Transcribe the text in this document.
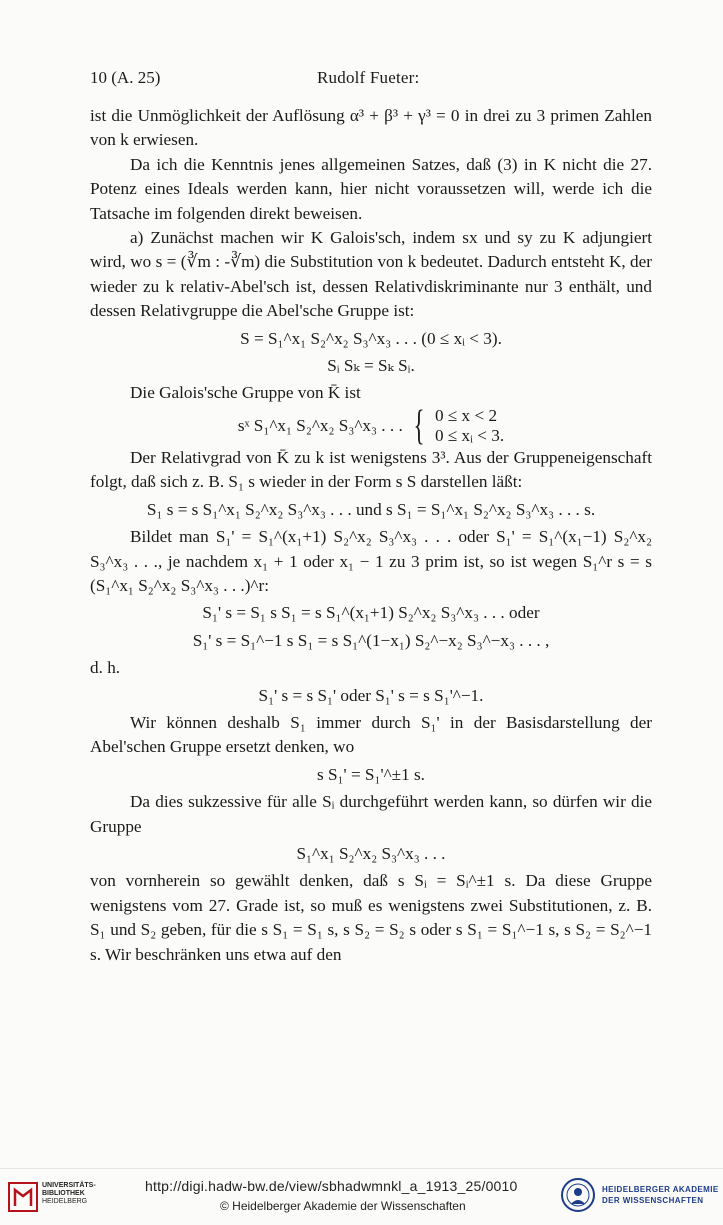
10 (A. 25)	Rudolf Fueter:

ist die Unmöglichkeit der Auflösung α³ + β³ + γ³ = 0 in drei zu 3 primen Zahlen von k erwiesen.

Da ich die Kenntnis jenes allgemeinen Satzes, daß (3) in K nicht die 27. Potenz eines Ideals werden kann, hier nicht voraussetzen will, werde ich die Tatsache im folgenden direkt beweisen.

a) Zunächst machen wir K Galois'sch, indem sx und sy zu K adjungiert wird, wo s = (∛m : -∛m) die Substitution von k bedeutet. Dadurch entsteht K, der wieder zu k relativ-Abel'sch ist, dessen Relativdiskriminante nur 3 enthält, und dessen Relativgruppe die Abel'sche Gruppe ist:

S = S₁^x₁ S₂^x₂ S₃^x₃ . . . (0 ≤ xᵢ < 3).
Sᵢ Sₖ = Sₖ Sᵢ.

Die Galois'sche Gruppe von K̄ ist

sˣ S₁^x₁ S₂^x₂ S₃^x₃ . . . { 0 ≤ x < 2
0 ≤ xᵢ < 3.

Der Relativgrad von K̄ zu k ist wenigstens 3³. Aus der Gruppeneigenschaft folgt, daß sich z. B. S₁ s wieder in der Form s S darstellen läßt:

S₁ s = s S₁^x₁ S₂^x₂ S₃^x₃ . . . und s S₁ = S₁^x₁ S₂^x₂ S₃^x₃ . . . s.

Bildet man S₁' = S₁^(x₁+1) S₂^x₂ S₃^x₃ . . . oder S₁' = S₁^(x₁−1) S₂^x₂ S₃^x₃ . . ., je nachdem x₁ + 1 oder x₁ − 1 zu 3 prim ist, so ist wegen S₁^r s = s (S₁^x₁ S₂^x₂ S₃^x₃ . . .)^r:

S₁' s = S₁ s S₁ = s S₁^(x₁+1) S₂^x₂ S₃^x₃ . . . oder
S₁' s = S₁^−1 s S₁ = s S₁^(1−x₁) S₂^−x₂ S₃^−x₃ . . . ,
d. h.
S₁' s = s S₁' oder S₁' s = s S₁'^−1.

Wir können deshalb S₁ immer durch S₁' in der Basisdarstellung der Abel'schen Gruppe ersetzt denken, wo

s S₁' = S₁'^±1 s.

Da dies sukzessive für alle Sᵢ durchgeführt werden kann, so dürfen wir die Gruppe

S₁^x₁ S₂^x₂ S₃^x₃ . . .

von vornherein so gewählt denken, daß s Sᵢ = Sᵢ^±1 s. Da diese Gruppe wenigstens vom 27. Grade ist, so muß es wenigstens zwei Substitutionen, z. B. S₁ und S₂ geben, für die s S₁ = S₁ s, s S₂ = S₂ s oder s S₁ = S₁^−1 s, s S₂ = S₂^−1 s. Wir beschränken uns etwa auf den

UNIVERSITÄTS-
BIBLIOTHEK
HEIDELBERG
http://digi.hadw-bw.de/view/sbhadwmnkl_a_1913_25/0010
© Heidelberger Akademie der Wissenschaften
HEIDELBERGER AKADEMIE
DER WISSENSCHAFTEN
